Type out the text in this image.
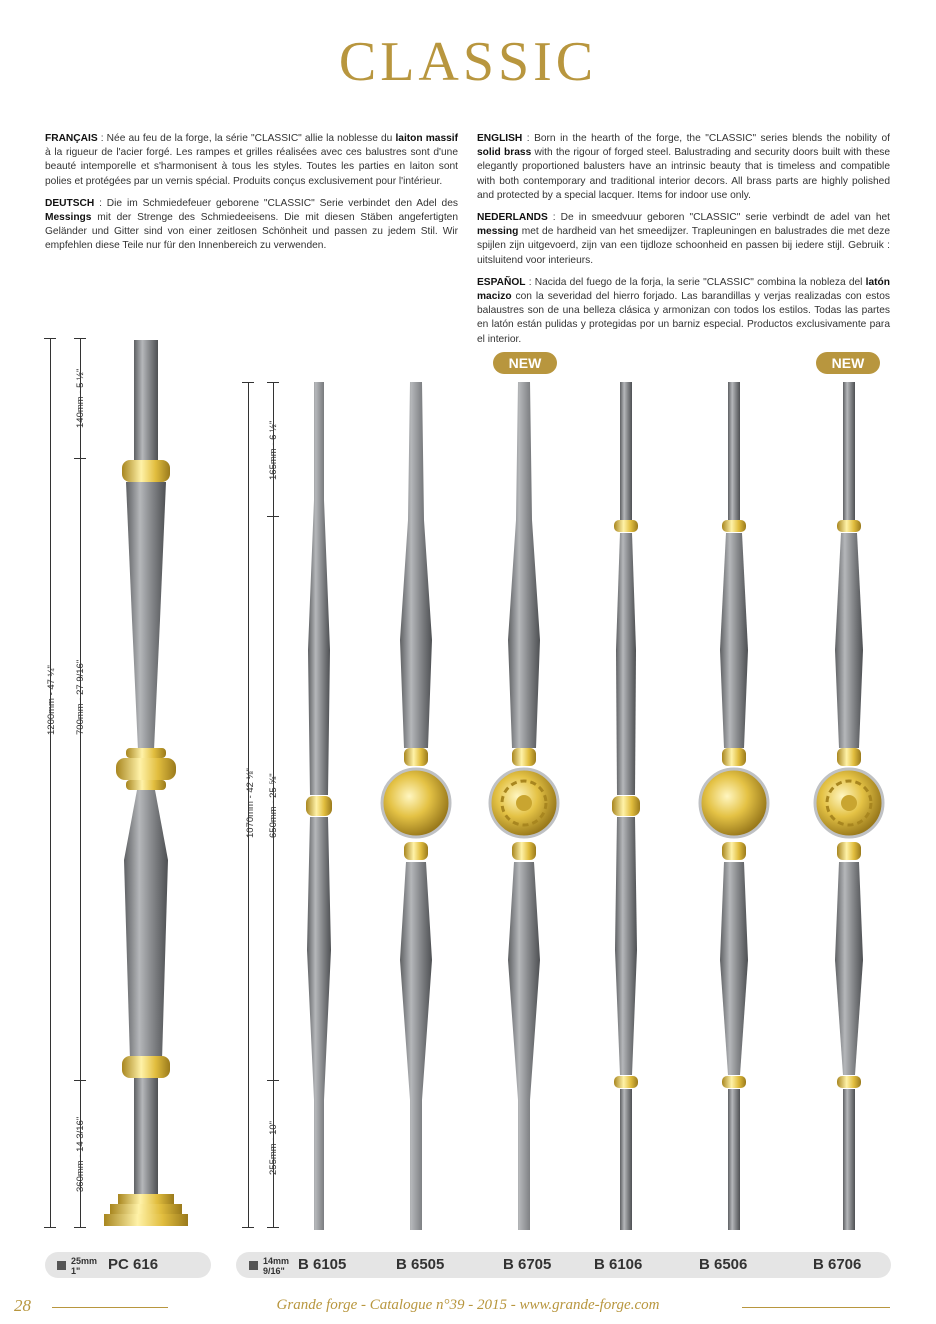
CLASSIC

FRANÇAIS : Née au feu de la forge, la série "CLASSIC" allie la noblesse du laiton massif à la rigueur de l'acier forgé. Les rampes et grilles réalisées avec ces balustres sont d'une beauté intemporelle et s'harmonisent à tous les styles. Toutes les parties en laiton sont polies et protégées par un vernis spécial. Produits conçus exclusivement pour l'intérieur.

DEUTSCH : Die im Schmiedefeuer geborene "CLASSIC" Serie verbindet den Adel des Messings mit der Strenge des Schmiedeeisens. Die mit diesen Stäben angefertigten Geländer und Gitter sind von einer zeitlosen Schönheit und passen zu jedem Stil. Wir empfehlen diese Teile nur für den Innenbereich zu verwenden.

ENGLISH : Born in the hearth of the forge, the "CLASSIC" series blends the nobility of solid brass with the rigour of forged steel. Balustrading and security doors built with these elegantly proportioned balusters have an intrinsic beauty that is timeless and compatible with both contemporary and traditional interior decors. All brass parts are highly polished and protected by a special lacquer. Items for indoor use only.

NEDERLANDS : De in smeedvuur geboren "CLASSIC" serie verbindt de adel van het messing met de hardheid van het smeedijzer. Trapleuningen en balustrades die met deze spijlen zijn uitgevoerd, zijn van een tijdloze schoonheid en passen bij iedere stijl. Gebruik : uitsluitend voor interieurs.

ESPAÑOL : Nacida del fuego de la forja, la serie "CLASSIC" combina la nobleza del latón macizo con la severidad del hierro forjado. Las barandillas y verjas realizadas con estos balaustres son de una belleza clásica y armonizan con todos los estilos. Todas las partes en latón están pulidas y protegidas por un barniz especial. Productos exclusivamente para el interior.

1200mm - 47 ¼"
140mm - 5 ½"
700mm - 27 9/16"
360mm - 14 3/16"
1070mm - 42 ⅛"
165mm - 6 ½"
650mm - 25 ⅝"
255mm - 10"
NEW	NEW
25mm
1"	PC 616	14mm
9/16" B 6105	B 6505	B 6705	B 6106	B 6506	B 6706
28	Grande forge - Catalogue n°39 - 2015 - www.grande-forge.com
